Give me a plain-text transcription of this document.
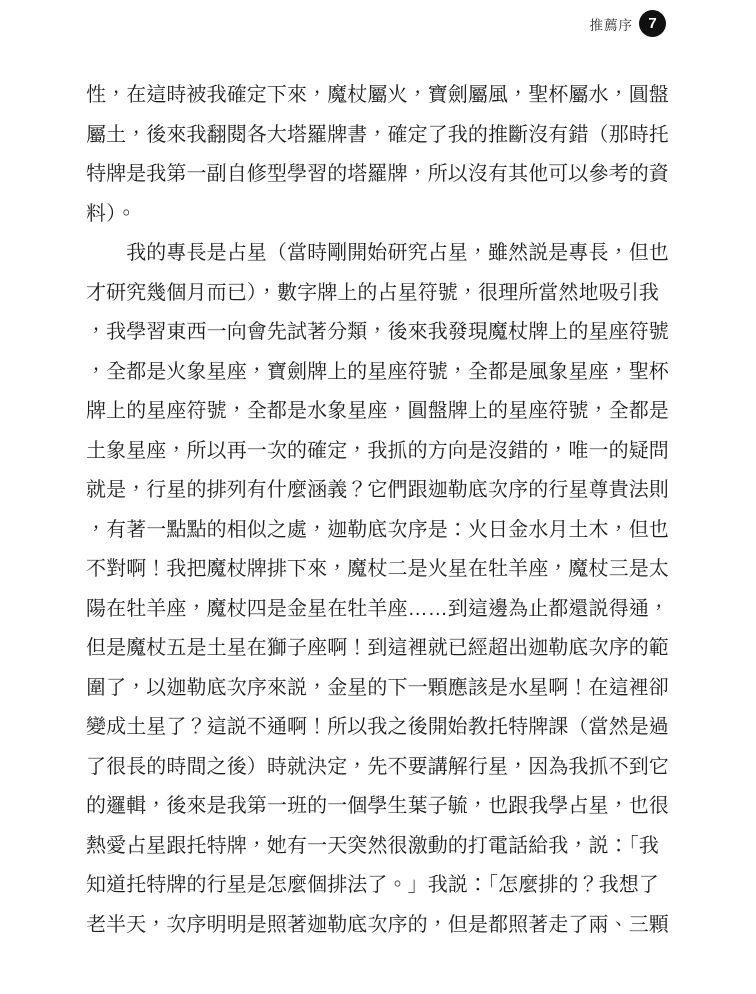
推薦序 7
性，在這時被我確定下來，魔杖屬火，寶劍屬風，聖杯屬水，圓盤
屬土，後來我翻閱各大塔羅牌書，確定了我的推斷沒有錯（那時托
特牌是我第一副自修型學習的塔羅牌，所以沒有其他可以參考的資
料）。
　　我的專長是占星（當時剛開始研究占星，雖然説是專長，但也
才研究幾個月而已），數字牌上的占星符號，很理所當然地吸引我
，我學習東西一向會先試著分類，後來我發現魔杖牌上的星座符號
，全都是火象星座，寶劍牌上的星座符號，全都是風象星座，聖杯
牌上的星座符號，全都是水象星座，圓盤牌上的星座符號，全都是
土象星座，所以再一次的確定，我抓的方向是沒錯的，唯一的疑問
就是，行星的排列有什麼涵義？它們跟迦勒底次序的行星尊貴法則
，有著一點點的相似之處，迦勒底次序是：火日金水月土木，但也
不對啊！我把魔杖牌排下來，魔杖二是火星在牡羊座，魔杖三是太
陽在牡羊座，魔杖四是金星在牡羊座……到這邊為止都還説得通，
但是魔杖五是土星在獅子座啊！到這裡就已經超出迦勒底次序的範
圍了，以迦勒底次序來説，金星的下一顆應該是水星啊！在這裡卻
變成土星了？這説不通啊！所以我之後開始教托特牌課（當然是過
了很長的時間之後）時就決定，先不要講解行星，因為我抓不到它
的邏輯，後來是我第一班的一個學生葉子毓，也跟我學占星，也很
熱愛占星跟托特牌，她有一天突然很激動的打電話給我，説：「我
知道托特牌的行星是怎麼個排法了。」我説：「怎麼排的？我想了
老半天，次序明明是照著迦勒底次序的，但是都照著走了兩、三顆
